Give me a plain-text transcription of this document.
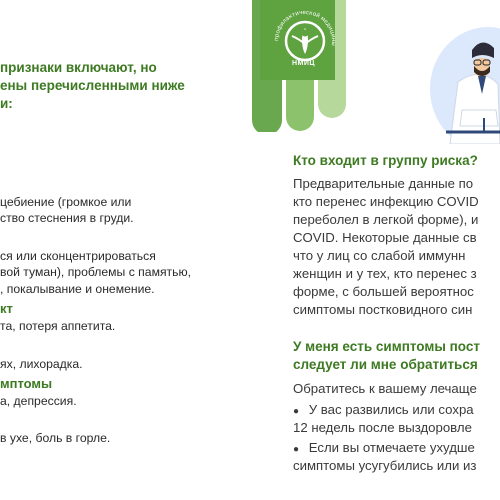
признаки включают, но
ены перечисленными ниже
и:
цебиение (громкое или
ство стеснения в груди.
ся или сконцентрироваться
вой туман), проблемы с памятью,
, покалывание и онемение.
кт
та, потеря аппетита.
ях, лихорадка.
мптомы
а, депрессия.
в ухе, боль в горле.
профилактической медицины
НМИЦ
Кто входит в группу риска?
Предварительные данные по
кто перенес инфекцию COVID
переболел в легкой форме), и
COVID. Некоторые данные св
что у лиц со слабой иммунн
женщин и у тех, кто перенес з
форме, с большей вероятнос
симптомы постковидного син
У меня есть симптомы пост
следует ли мне обратиться
Обратитесь к вашему лечаще
● У вас развились или сохра
12 недель после выздоровле
● Если вы отмечаете ухудше
симптомы усугубились или из
